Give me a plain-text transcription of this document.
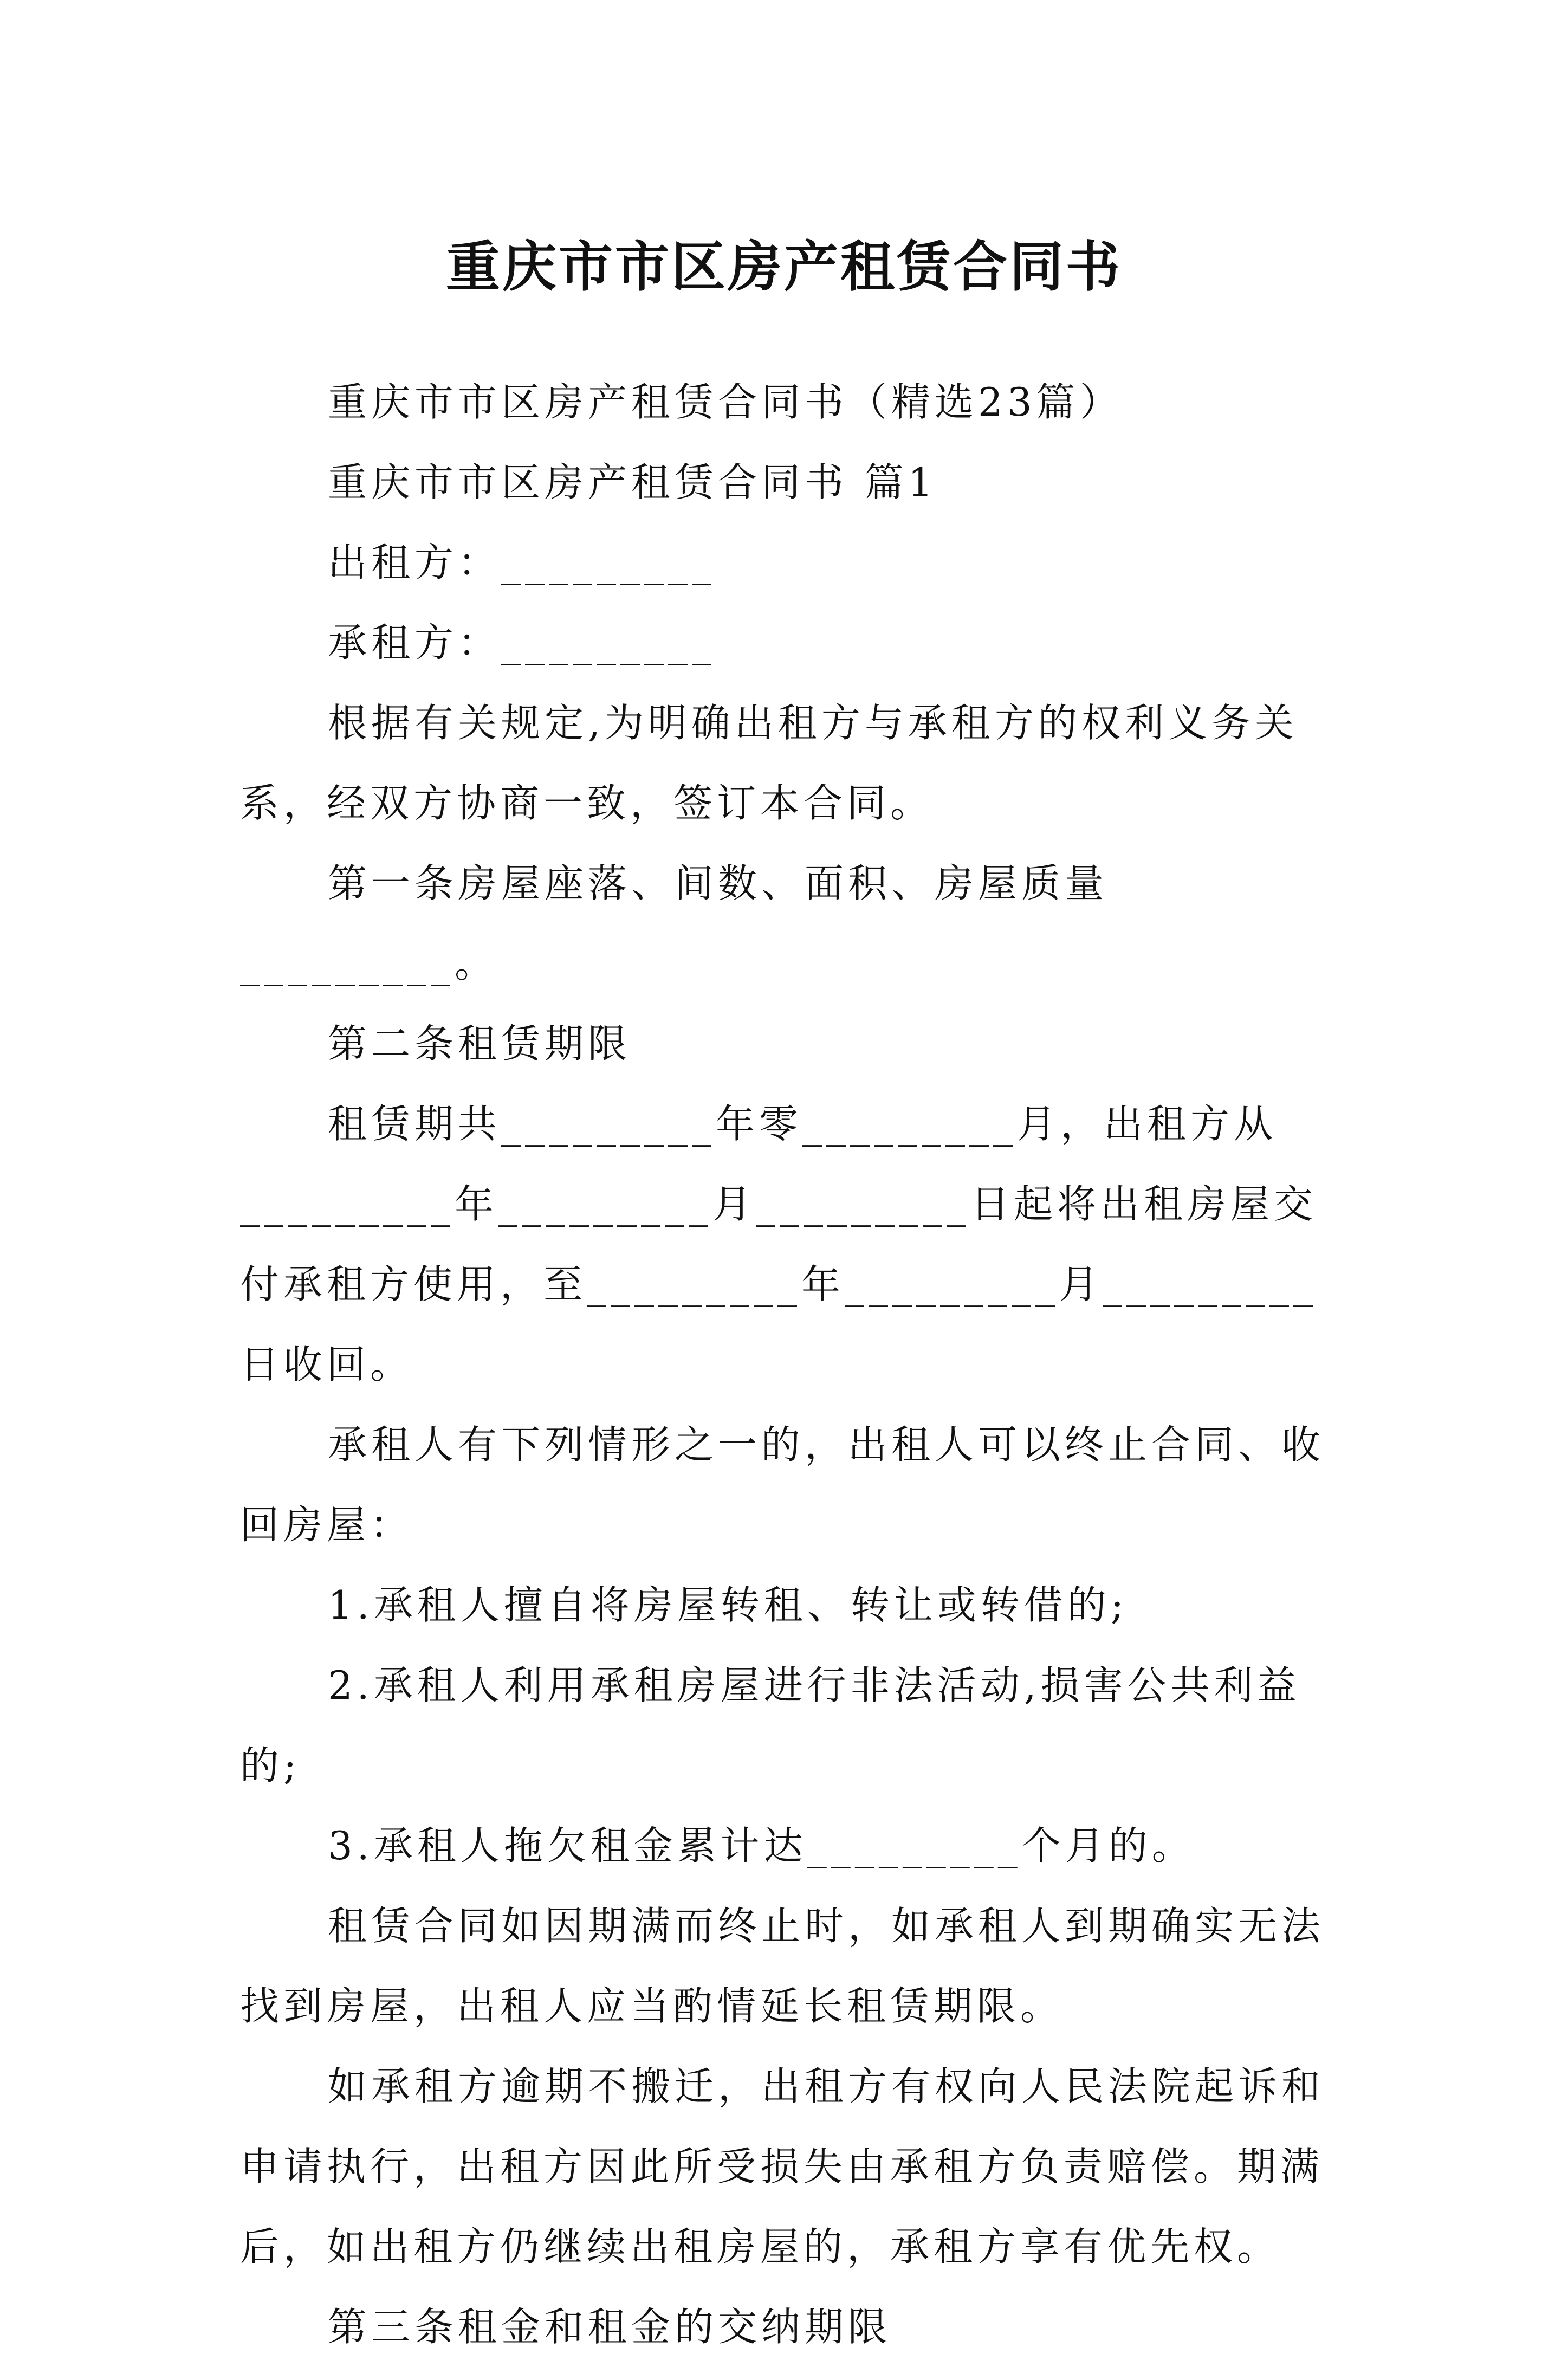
重庆市市区房产租赁合同书

重庆市市区房产租赁合同书（精选23篇）

重庆市市区房产租赁合同书 篇1

出租方：_________

承租方：_________

根据有关规定,为明确出租方与承租方的权利义务关系，经双方协商一致，签订本合同。

第一条房屋座落、间数、面积、房屋质量_________。

第二条租赁期限

租赁期共_________年零_________月，出租方从_________年_________月_________日起将出租房屋交付承租方使用，至_________年_________月_________日收回。

承租人有下列情形之一的，出租人可以终止合同、收回房屋：

1.承租人擅自将房屋转租、转让或转借的;

2.承租人利用承租房屋进行非法活动,损害公共利益的;

3.承租人拖欠租金累计达_________个月的。

租赁合同如因期满而终止时，如承租人到期确实无法找到房屋，出租人应当酌情延长租赁期限。

如承租方逾期不搬迁，出租方有权向人民法院起诉和申请执行，出租方因此所受损失由承租方负责赔偿。期满后，如出租方仍继续出租房屋的，承租方享有优先权。

第三条租金和租金的交纳期限
